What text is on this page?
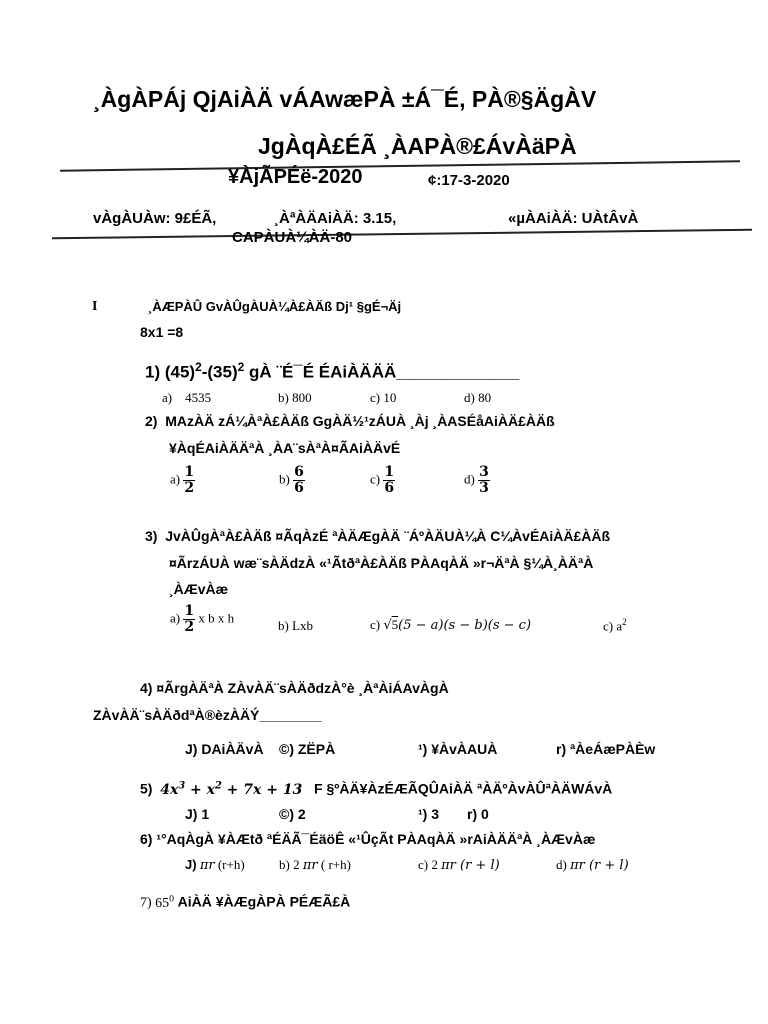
¸ÀgÀPÁj QjAiÀÄ vÁAwæPÀ ±Á¯É, PÀ®§ÄgÀV
JgÀqÀ£ÉÃ ¸ÀAPÀ®£ÁvÀäPÀ
¥ÀjÃPÉë-2020	¢:17-3-2020
vÀgÀUÀw: 9£ÉÃ,	¸ÀªÀÄAiÀÄ: 3.15,	«µÀAiÀÄ: UÀtÂvÀ
CAPÀUÀ¼ÀÄ-80
I	¸ÀÆPÀÛ GvÀÛgÀUÀ¼À£ÀÄß Dj¹ §gÉ¬Äj
8x1 =8
1) $(45)^2-(35)^2$ gÀ ¨É¯É ÉAiÀÄÄÄ_____________
a) 4535	b) 800	c) 10	d) 80
2) MAzÀÄ zÁ¼ÀªÀ£ÀÄß GgÀÄ½¹zÁUÀ ¸Àj ¸ÀASÉåAiÀÄ£ÀÄß
¥ÀqÉAiÀÄÄªÀ ¸ÀA¨sÀªÀ¤ÃAiÀÄvÉ
$a) \frac{1}{2}$	$b) \frac{6}{6}$	$c) \frac{1}{6}$	$d) \frac{3}{3}$
3) JvÀÛgÀªÀ£ÀÄß ¤ÃqÀzÉ ªÀÄÆgÀÄ ¨ÁºÀÄUÀ¼À C¼ÀvÉAiÀÄ£ÀÄß
¤ÃrzÁUÀ wæ¨sÀÄdzÀ «¹ÃtðªÀ£ÀÄß PÀAqÀÄ »r¬ÄªÀ §¼À¸ÀÄªÀ
¸ÀÆvÀæ
$a) \frac{1}{2}$ x b x h
b) Lxb	c) √5(5 − a)(s − b)(s − c)	c) $a^2$
4) ¤ÃrgÀÄªÀ ZÀvÀÄ¨sÀÄðdzÀ°è ¸ÀªÀiÁAvÀgÀ
ZÀvÀÄ¨sÀÄðdªÀ®èzÀÄÝ________
J) DAiÀÄvÀ ©) ZËPÀ	¹) ¥ÀvÀAUÀ	r) ªÀeÁæPÀÈw
5) $4x^3 + x^2 + 7x + 13$ F §ºÀÄ¥ÀzÉÆÃQÛAiÀÄ ªÀÄºÀvÀÛªÀÄWÁvÀ
J) 1	©) 2	¹) 3 r) 0
6) ¹°AqÀgÀ ¥ÀÆtð ªÉÄÃ¯ÉäöÊ «¹ÛçÃt PÀAqÀÄ »rAiÀÄÄªÀ ¸ÀÆvÀæ
J) πr (r+h)	b) 2 πr ( r+h)	c) 2 πr (r + l)	d) πr (r + l)
7) $65^0$ AiÀÄ ¥ÀÆgÀPÀ PÉÆÃ£À
